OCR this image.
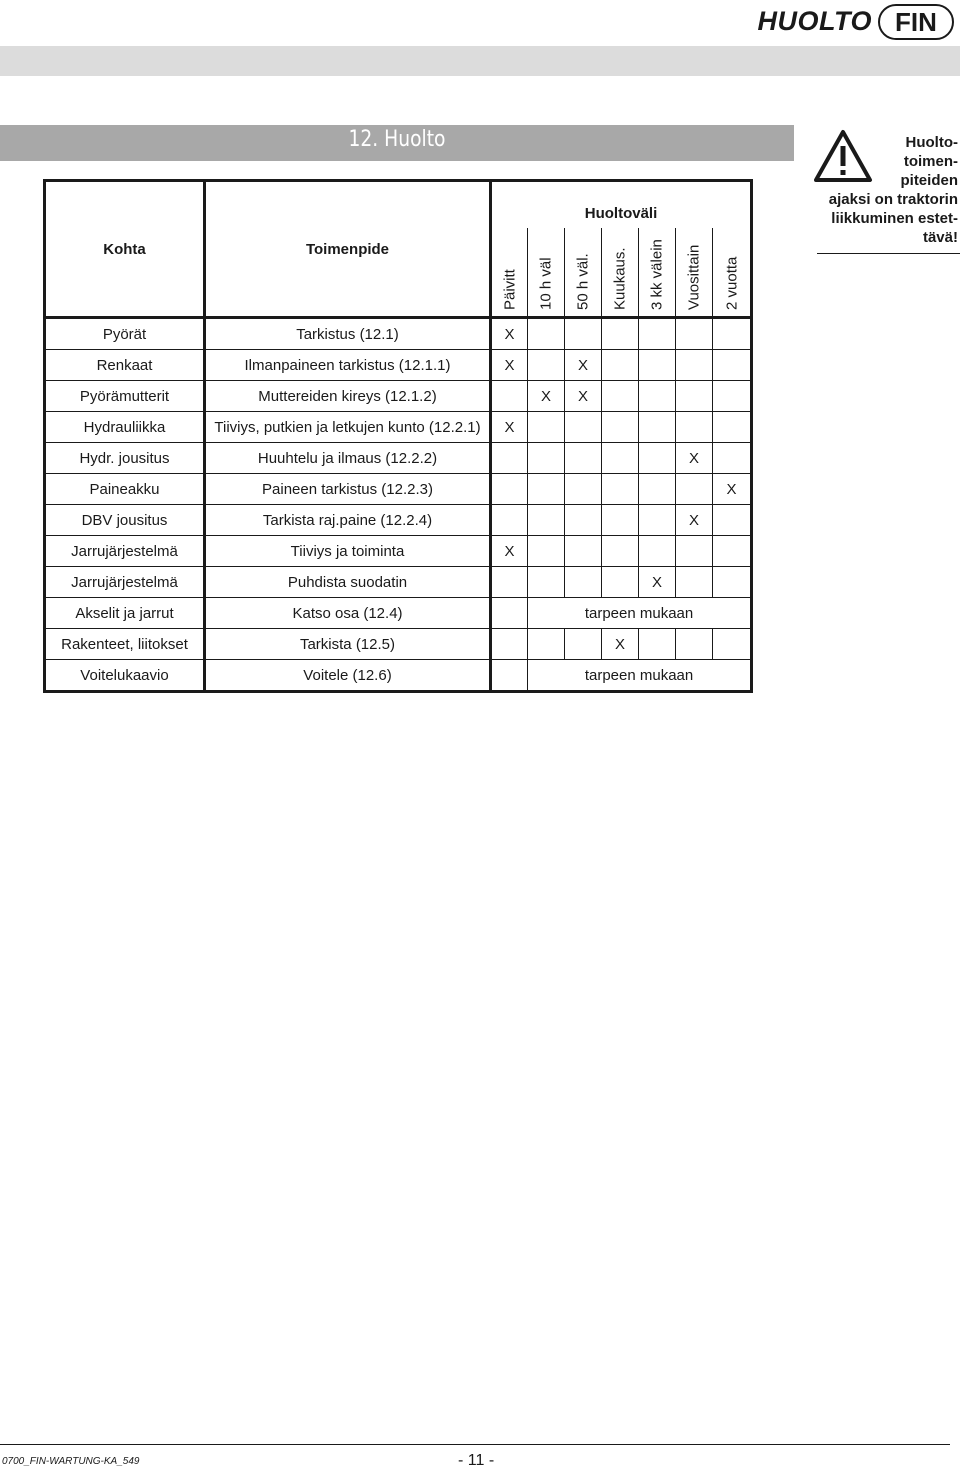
HUOLTO FIN
12. Huolto	Huolto-
toimen-
piteiden
ajaksi on traktorin
liikkuminen estet-
tävä!
Kohta	Toimenpide	Huoltoväli						

		Päivitt	10 h väl	50 h väl.	Kuukaus.	3 kk välein	Vuosittain	2 vuotta

Pyörät	Tarkistus (12.1)	X						
Renkaat	Ilmanpaineen tarkistus (12.1.1)	X		X				
Pyörämutterit	Muttereiden kireys (12.1.2)		X	X				
Hydrauliikka	Tiiviys, putkien ja letkujen kunto (12.2.1)	X						
Hydr. jousitus	Huuhtelu ja ilmaus (12.2.2)						X	
Paineakku	Paineen tarkistus (12.2.3)							X
DBV jousitus	Tarkista raj.paine (12.2.4)						X	
Jarrujärjestelmä	Tiiviys ja toiminta	X						
Jarrujärjestelmä	Puhdista suodatin					X		
Akselit ja jarrut	Katso osa (12.4)		tarpeen mukaan					
Rakenteet, liitokset	Tarkista (12.5)				X			
Voitelukaavio	Voitele (12.6)		tarpeen mukaan					
0700_FIN-WARTUNG-KA_549	- 11 -
